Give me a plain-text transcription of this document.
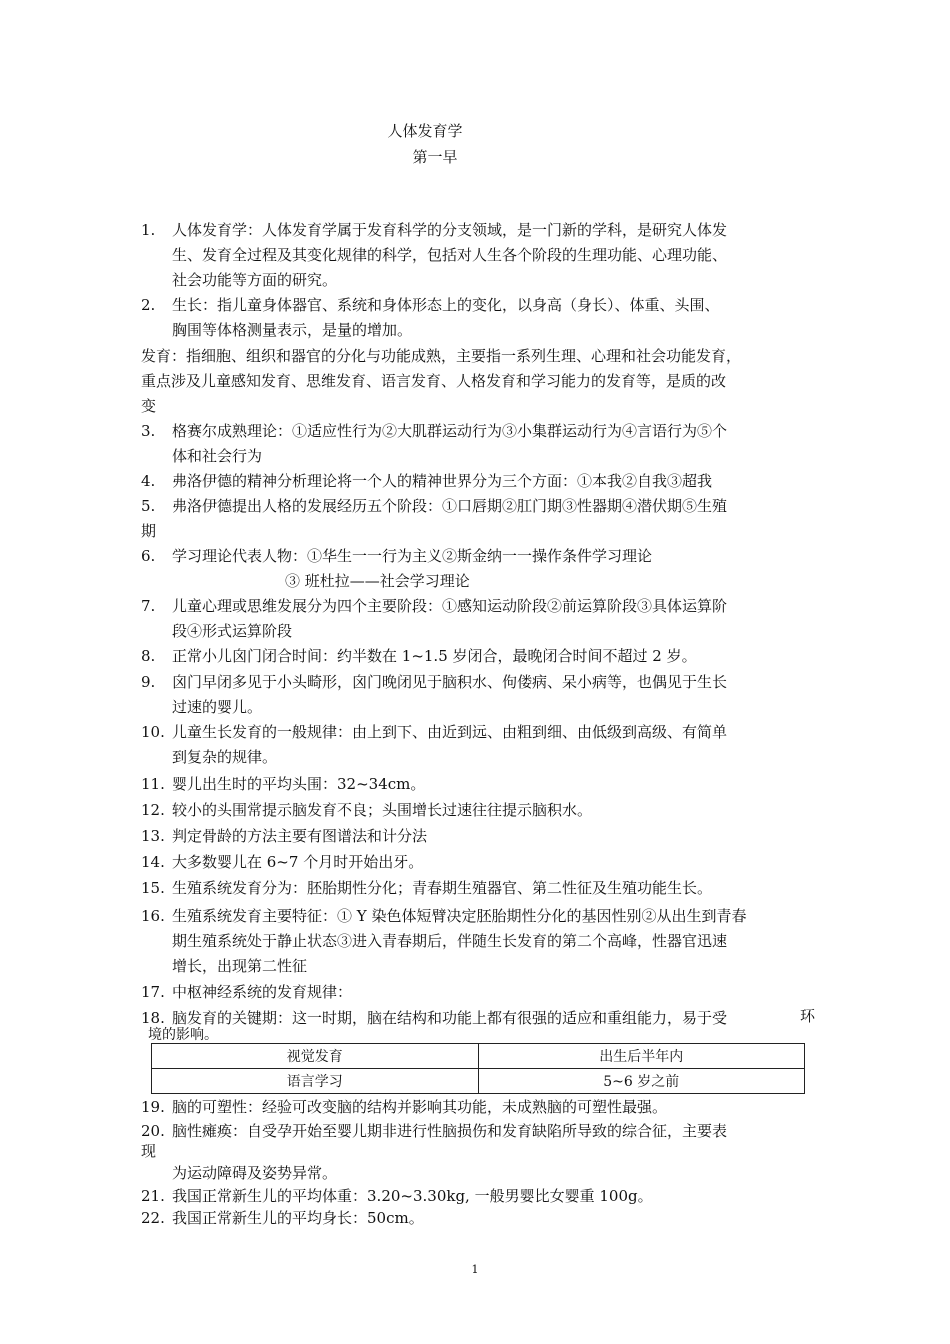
人体发育学
第一早
1. 人体发育学：人体发育学属于发育科学的分支领域，是一门新的学科，是研究人体发
生、发育全过程及其变化规律的科学，包括对人生各个阶段的生理功能、心理功能、
社会功能等方面的研究。
2. 生长：指儿童身体器官、系统和身体形态上的变化，以身高（身长）、体重、头围、
胸围等体格测量表示，是量的增加。
发育：指细胞、组织和器官的分化与功能成熟，主要指一系列生理、心理和社会功能发育，
重点涉及儿童感知发育、思维发育、语言发育、人格发育和学习能力的发育等，是质的改
变
3. 格赛尔成熟理论：①适应性行为②大肌群运动行为③小集群运动行为④言语行为⑤个
体和社会行为
4. 弗洛伊德的精神分析理论将一个人的精神世界分为三个方面：①本我②自我③超我
5. 弗洛伊德提出人格的发展经历五个阶段：①口唇期②肛门期③性器期④潜伏期⑤生殖
期
6. 学习理论代表人物：①华生一一行为主义②斯金纳一一操作条件学习理论
③ 班杜拉——社会学习理论
7. 儿童心理或思维发展分为四个主要阶段：①感知运动阶段②前运算阶段③具体运算阶
段④形式运算阶段
8. 正常小儿囟门闭合时间：约半数在 1~1.5 岁闭合，最晚闭合时间不超过 2 岁。
9. 囟门早闭多见于小头畸形，囟门晚闭见于脑积水、佝偻病、呆小病等，也偶见于生长
过速的婴儿。
10. 儿童生长发育的一般规律：由上到下、由近到远、由粗到细、由低级到高级、有简单
到复杂的规律。
11. 婴儿出生时的平均头围：32~34cm。
12. 较小的头围常提示脑发育不良；头围增长过速往往提示脑积水。
13. 判定骨龄的方法主要有图谱法和计分法
14. 大多数婴儿在 6~7 个月时开始出牙。
15. 生殖系统发育分为：胚胎期性分化；青春期生殖器官、第二性征及生殖功能生长。
16. 生殖系统发育主要特征：① Y 染色体短臂决定胚胎期性分化的基因性别②从出生到青春
期生殖系统处于静止状态③进入青春期后，伴随生长发育的第二个高峰，性器官迅速
增长，出现第二性征
17. 中枢神经系统的发育规律：
18. 脑发育的关键期：这一时期，脑在结构和功能上都有很强的适应和重组能力，易于受	环
境的影响。
视觉发育	出生后半年内
语言学习	5~6 岁之前
19. 脑的可塑性：经验可改变脑的结构并影响其功能，未成熟脑的可塑性最强。
20. 脑性瘫痪：自受孕开始至婴儿期非进行性脑损伤和发育缺陷所导致的综合征，主要表
现
为运动障碍及姿势异常。
21. 我国正常新生儿的平均体重：3.20~3.30kg, 一般男婴比女婴重 100g。
22. 我国正常新生儿的平均身长：50cm。
1
